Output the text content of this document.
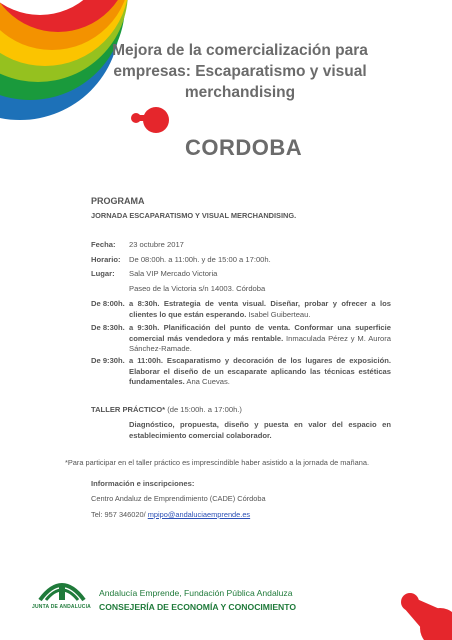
Mejora de la comercialización para
empresas: Escaparatismo y visual
merchandising
CORDOBA
PROGRAMA
JORNADA ESCAPARATISMO Y VISUAL MERCHANDISING.
Fecha: 23 octubre 2017
Horario: De 08:00h. a 11:00h. y de 15:00 a 17:00h.
Lugar: Sala VIP Mercado Victoria
Paseo de la Victoria s/n 14003. Córdoba
De 8:00h. a 8:30h. Estrategia de venta visual. Diseñar, probar y ofrecer a los clientes lo que están esperando. Isabel Guiberteau.
De 8:30h. a 9:30h. Planificación del punto de venta. Conformar una superficie comercial más vendedora y más rentable. Inmaculada Pérez y M. Aurora Sánchez-Ramade.
De 9:30h. a 11:00h. Escaparatismo y decoración de los lugares de exposición. Elaborar el diseño de un escaparate aplicando las técnicas estéticas fundamentales. Ana Cuevas.
TALLER PRÁCTICO* (de 15:00h. a 17:00h.)
Diagnóstico, propuesta, diseño y puesta en valor del espacio en establecimiento comercial colaborador.
*Para participar en el taller práctico es imprescindible haber asistido a la jornada de mañana.
Información e inscripciones:
Centro Andaluz de Emprendimiento (CADE) Córdoba
Tel: 957 346020/ mpipo@andaluciaemprende.es
JUNTA DE ANDALUCIA
Andalucía Emprende, Fundación Pública Andaluza
CONSEJERÍA DE ECONOMÍA Y CONOCIMIENTO
